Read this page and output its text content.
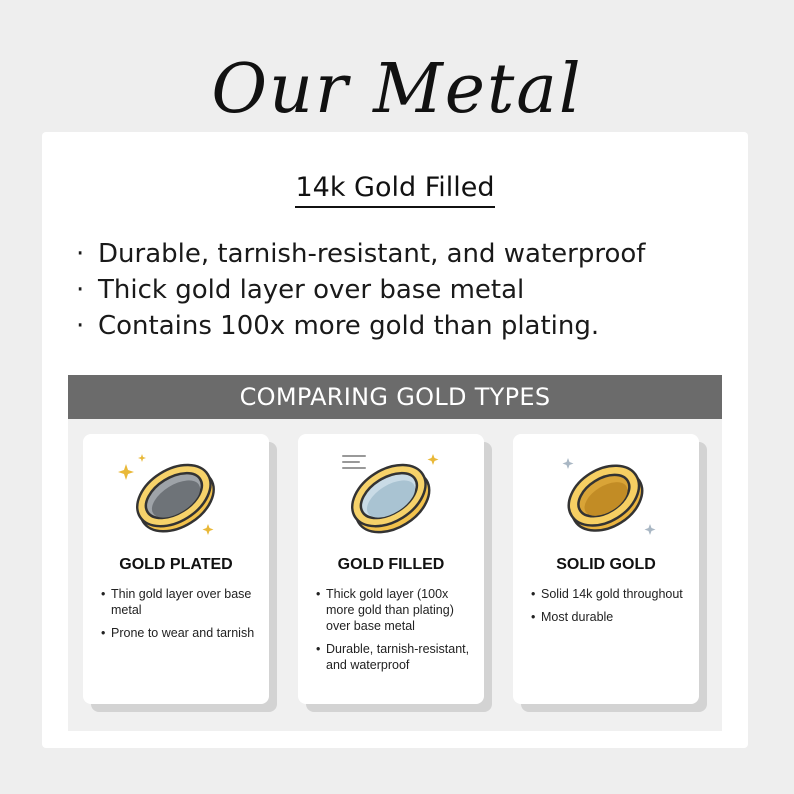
Our Metal
14k Gold Filled
· Durable, tarnish-resistant, and waterproof
· Thick gold layer over base metal
· Contains 100x more gold than plating.
COMPARING GOLD TYPES
GOLD PLATED
• Thin gold layer over base metal
• Prone to wear and tarnish
GOLD FILLED
• Thick gold layer (100x more gold than plating) over base metal
• Durable, tarnish-resistant, and waterproof
SOLID GOLD
• Solid 14k gold throughout
• Most durable
